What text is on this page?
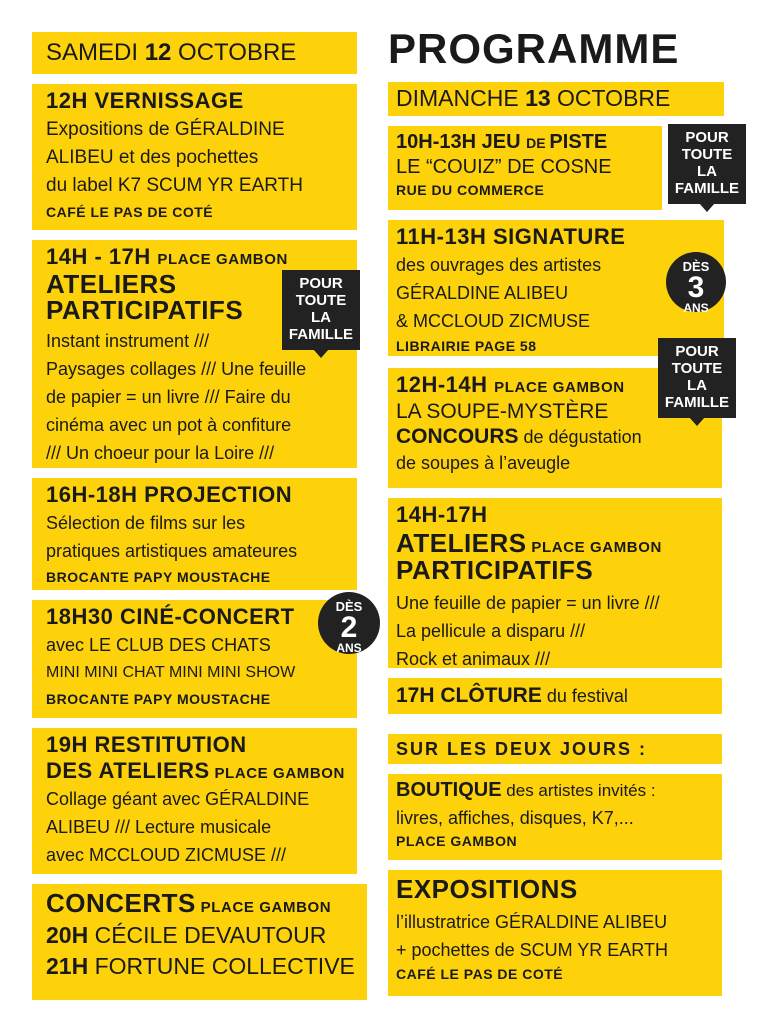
SAMEDI 12 OCTOBRE
12H VERNISSAGE
Expositions de GÉRALDINE
ALIBEU et des pochettes
du label K7 SCUM YR EARTH
CAFÉ LE PAS DE COTÉ
14H - 17H PLACE GAMBON
ATELIERS
PARTICIPATIFS
Instant instrument ///
Paysages collages /// Une feuille
de papier = un livre /// Faire du
cinéma avec un pot à confiture
/// Un choeur pour la Loire ///
POUR
TOUTE
LA
FAMILLE
16H-18H PROJECTION
Sélection de films sur les
pratiques artistiques amateures
BROCANTE PAPY MOUSTACHE
18H30 CINÉ-CONCERT
avec LE CLUB DES CHATS
MINI MINI CHAT MINI MINI SHOW
BROCANTE PAPY MOUSTACHE
DÈS
2
ANS
19H RESTITUTION
DES ATELIERS PLACE GAMBON
Collage géant avec GÉRALDINE
ALIBEU /// Lecture musicale
avec MCCLOUD ZICMUSE ///
CONCERTS PLACE GAMBON
20H CÉCILE DEVAUTOUR
21H FORTUNE COLLECTIVE
PROGRAMME
DIMANCHE 13 OCTOBRE
10H-13H JEU DE PISTE
LE “COUIZ” DE COSNE
RUE DU COMMERCE
POUR
TOUTE
LA
FAMILLE
11H-13H SIGNATURE
des ouvrages des artistes
GÉRALDINE ALIBEU
& MCCLOUD ZICMUSE
LIBRAIRIE PAGE 58
DÈS
3
ANS
12H-14H PLACE GAMBON
LA SOUPE-MYSTÈRE
CONCOURS de dégustation
de soupes à l’aveugle
POUR
TOUTE
LA
FAMILLE
14H-17H
ATELIERS PLACE GAMBON
PARTICIPATIFS
Une feuille de papier = un livre ///
La pellicule a disparu ///
Rock et animaux ///
17H CLÔTURE du festival
SUR LES DEUX JOURS :
BOUTIQUE des artistes invités :
livres, affiches, disques, K7,...
PLACE GAMBON
EXPOSITIONS
l’illustratrice GÉRALDINE ALIBEU
+ pochettes de SCUM YR EARTH
CAFÉ LE PAS DE COTÉ
